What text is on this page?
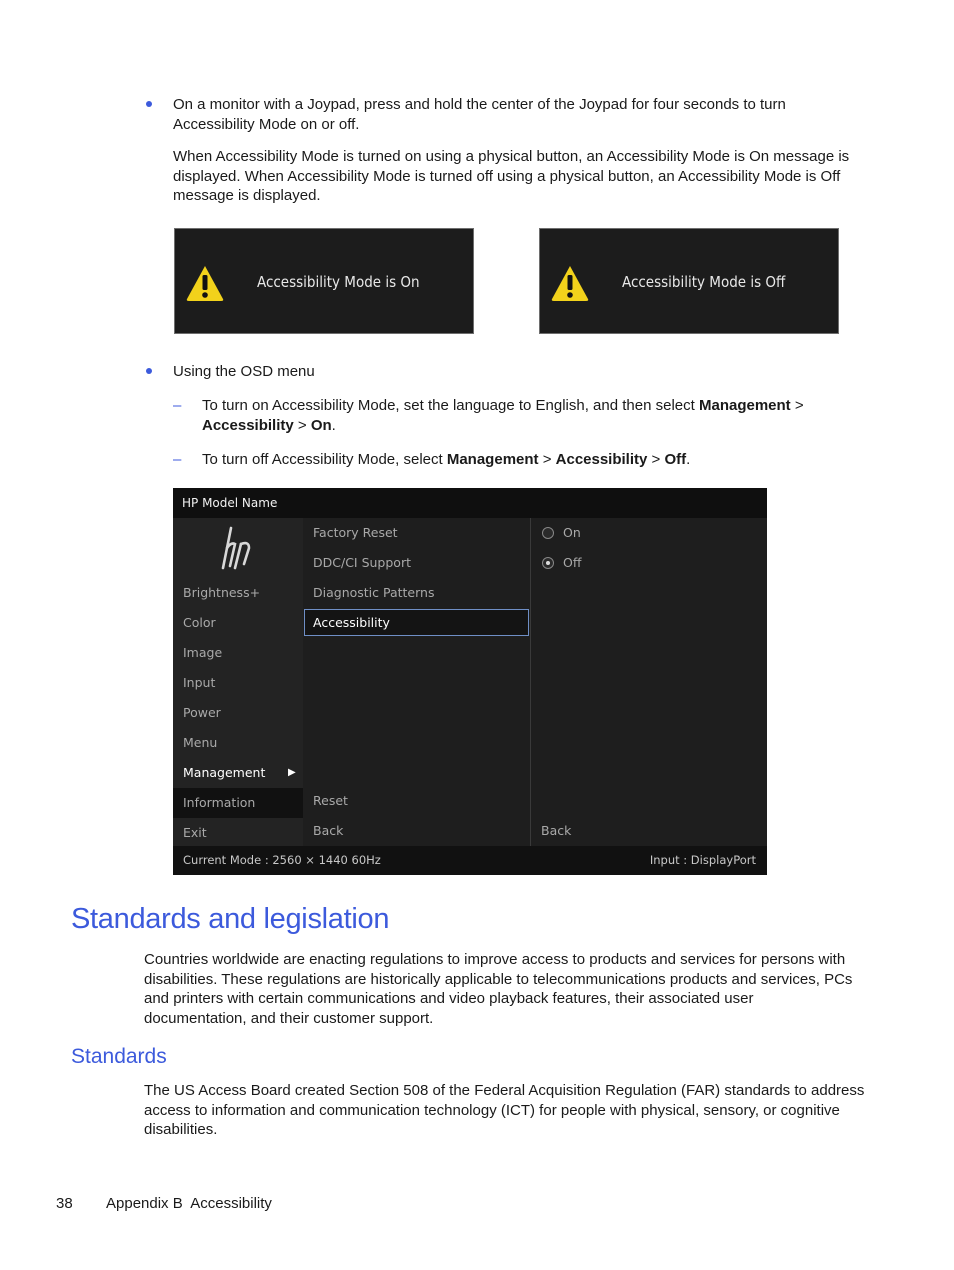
On a monitor with a Joypad, press and hold the center of the Joypad for four seconds to turn Accessibility Mode on or off.

When Accessibility Mode is turned on using a physical button, an Accessibility Mode is On message is displayed. When Accessibility Mode is turned off using a physical button, an Accessibility Mode is Off message is displayed.

Accessibility Mode is On	Accessibility Mode is Off

Using the OSD menu

– To turn on Accessibility Mode, set the language to English, and then select Management > Accessibility > On.

– To turn off Accessibility Mode, select Management > Accessibility > Off.

HP Model Name
Brightness+
Color
Image
Input
Power
Menu
Management ▶
Information
Exit
Factory Reset
DDC/CI Support
Diagnostic Patterns
Accessibility
Reset
Back
On
Off
Back
Current Mode : 2560 × 1440 60Hz	Input : DisplayPort
Standards and legislation

Countries worldwide are enacting regulations to improve access to products and services for persons with disabilities. These regulations are historically applicable to telecommunications products and services, PCs and printers with certain communications and video playback features, their associated user documentation, and their customer support.

Standards

The US Access Board created Section 508 of the Federal Acquisition Regulation (FAR) standards to address access to information and communication technology (ICT) for people with physical, sensory, or cognitive disabilities.

38 Appendix B  Accessibility
